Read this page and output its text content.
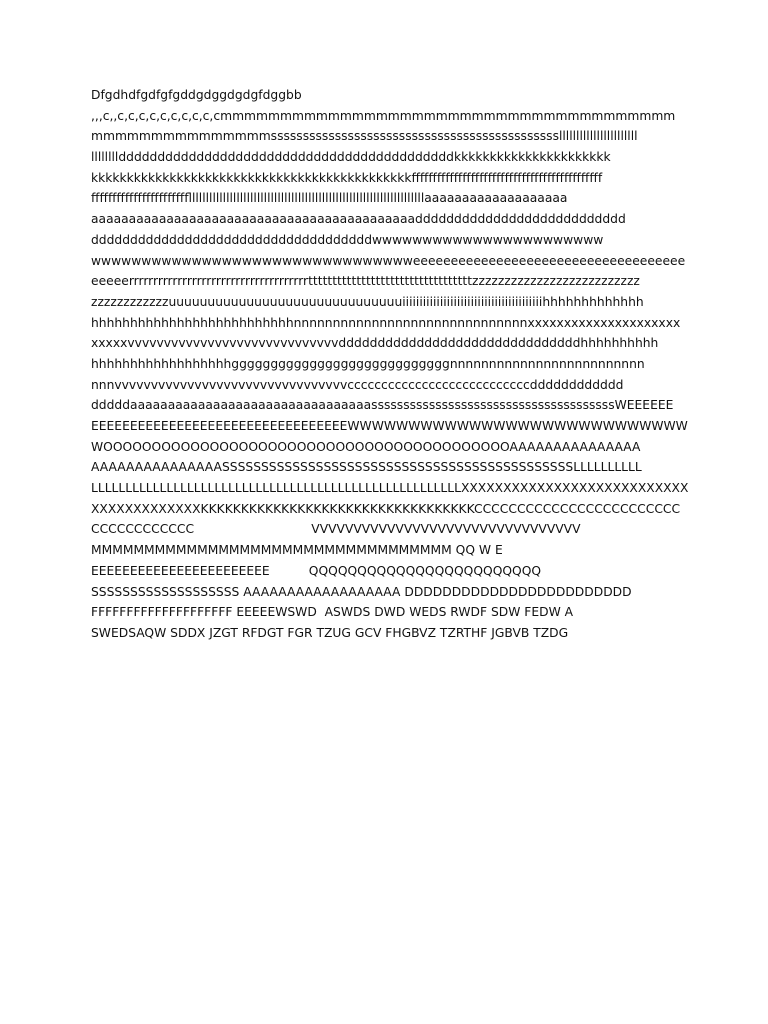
Dfgdhdfgdfgfgddgdggdgdgfdggbb
,,,c,,c,c,c,c,c,c,c,c,c,cmmmmmmmmmmmmmmmmmmmmmmmmmmmmmmmmmmmmmm
mmmmmmmmmmmmmmmssssssssssssssssssssssssssssssssssssssssssssslllllllllllllllllllllll
lllllllldddddddddddddddddddddddddddddddddddddddddddkkkkkkkkkkkkkkkkkkkkkk
kkkkkkkkkkkkkkkkkkkkkkkkkkkkkkkkkkkkkkkkkkkkkfffffffffffffffffffffffffffffffffffffffffffff
ffffffffffffffffffffffflllllllllllllllllllllllllllllllllllllllllllllllllllllllllllllllllllllaaaaaaaaaaaaaaaaaaa
aaaaaaaaaaaaaaaaaaaaaaaaaaaaaaaaaaaaaaaaaaaddddddddddddddddddddddddddd
ddddddddddddddddddddddddddddddddddddwwwwwwwwwwwwwwwwwwwwwww
wwwwwwwwwwwwwwwwwwwwwwwwwwwwwwwweeeeeeeeeeeeeeeeeeeeeeeeeeeeeeeeeeee
eeeeerrrrrrrrrrrrrrrrrrrrrrrrrrrrrrrrrrrrrttttttttttttttttttttttttttttttttttzzzzzzzzzzzzzzzzzzzzzzzzzz
zzzzzzzzzzzzuuuuuuuuuuuuuuuuuuuuuuuuuuuuuuiiiiiiiiiiiiiiiiiiiiiiiiiiiiiiiiiiiiiiiiihhhhhhhhhhhhh
hhhhhhhhhhhhhhhhhhhhhhhhhhnnnnnnnnnnnnnnnnnnnnnnnnnnnnnnxxxxxxxxxxxxxxxxxxxxx
xxxxxvvvvvvvvvvvvvvvvvvvvvvvvvvvvvdddddddddddddddddddddddddddddddhhhhhhhhhh
hhhhhhhhhhhhhhhhhhggggggggggggggggggggggggggggnnnnnnnnnnnnnnnnnnnnnnnnn
nnnvvvvvvvvvvvvvvvvvvvvvvvvvvvvvvvvcccccccccccccccccccccccccccdddddddddddd
dddddaaaaaaaaaaaaaaaaaaaaaaaaaaaaaaaassssssssssssssssssssssssssssssssssssssWEEEEEE
EEEEEEEEEEEEEEEEEEEEEEEEEEEEEEEEEWWWWWWWWWWWWWWWWWWWWWWWWWWWW
WOOOOOOOOOOOOOOOOOOOOOOOOOOOOOOOOOOOOOOOOOOAAAAAAAAAAAAAAA
AAAAAAAAAAAAAAASSSSSSSSSSSSSSSSSSSSSSSSSSSSSSSSSSSSSSSSSSSSSLLLLLLLLLL
LLLLLLLLLLLLLLLLLLLLLLLLLLLLLLLLLLLLLLLLLLLLLLLLLLLLLLXXXXXXXXXXXXXXXXXXXXXXXXXXX
XXXXXXXXXXXXXKKKKKKKKKKKKKKKKKKKKKKKKKKKKKKKKKKCCCCCCCCCCCCCCCCCCCCCCCC
CCCCCCCCCCCC                              VVVVVVVVVVVVVVVVVVVVVVVVVVVVVVVV
MMMMMMMMMMMMMMMMMMMMMMMMMMMMMMMMMM QQ W E
EEEEEEEEEEEEEEEEEEEEEEE          QQQQQQQQQQQQQQQQQQQQQQQQ
SSSSSSSSSSSSSSSSSSS AAAAAAAAAAAAAAAAAA DDDDDDDDDDDDDDDDDDDDDDDD
FFFFFFFFFFFFFFFFFFFF EEEEEWSWD  ASWDS DWD WEDS RWDF SDW FEDW A
SWEDSAQW SDDX JZGT RFDGT FGR TZUG GCV FHGBVZ TZRTHF JGBVB TZDG
